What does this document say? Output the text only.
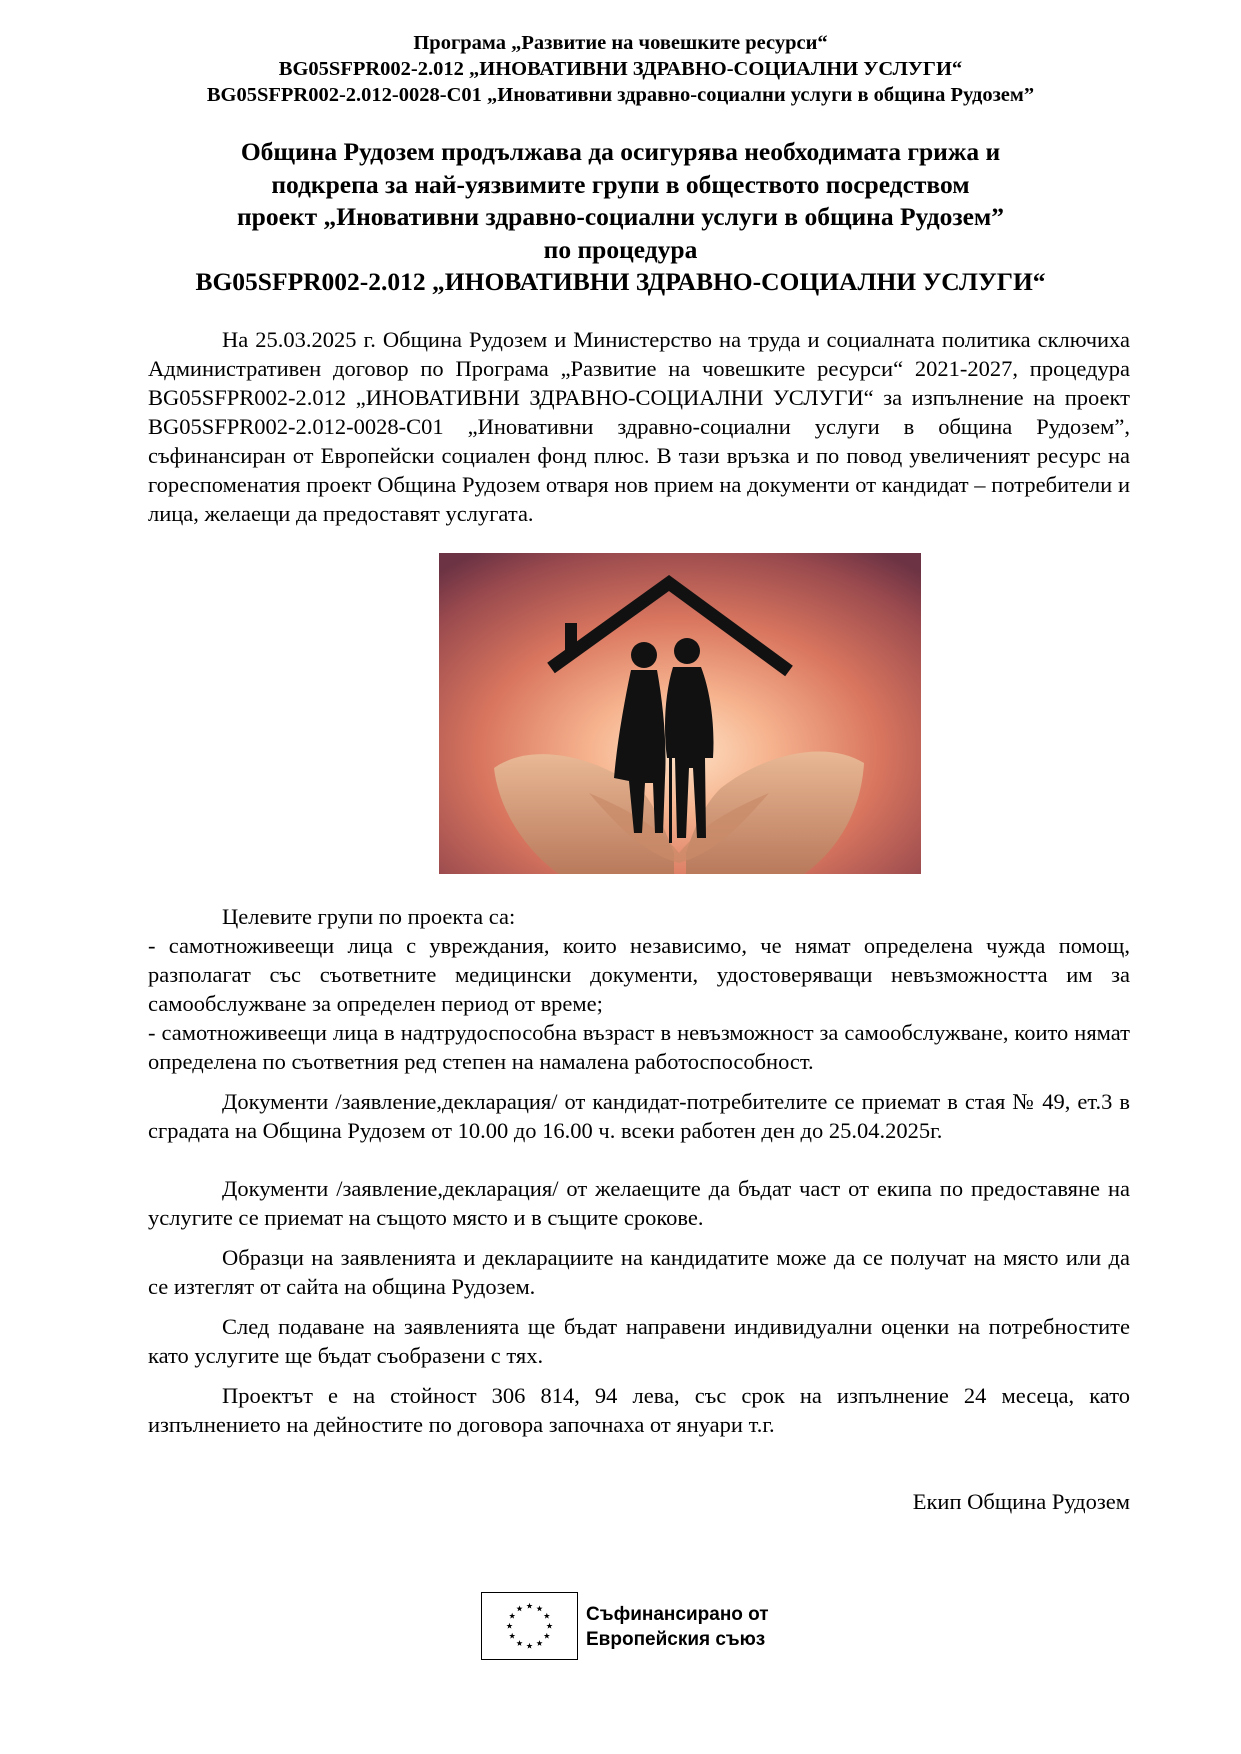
Програма „Развитие на човешките ресурси“
BG05SFPR002-2.012 „ИНОВАТИВНИ ЗДРАВНО-СОЦИАЛНИ УСЛУГИ“
BG05SFPR002-2.012-0028-С01 „Иновативни здравно-социални услуги в община Рудозем”
Община Рудозем продължава да осигурява необходимата грижа и
подкрепа за най-уязвимите групи в обществото посредством
проект „Иновативни здравно-социални услуги в община Рудозем”
по процедура
BG05SFPR002-2.012 „ИНОВАТИВНИ ЗДРАВНО-СОЦИАЛНИ УСЛУГИ“

На 25.03.2025 г. Община Рудозем и Министерство на труда и социалната политика сключиха Административен договор по Програма „Развитие на човешките ресурси“ 2021-2027, процедура BG05SFPR002-2.012 „ИНОВАТИВНИ ЗДРАВНО-СОЦИАЛНИ УСЛУГИ“ за изпълнение на проект BG05SFPR002-2.012-0028-С01 „Иновативни здравно-социални услуги в община Рудозем”, съфинансиран от Европейски социален фонд плюс. В тази връзка и по повод увеличеният ресурс на гореспоменатия проект Община Рудозем отваря нов прием на документи от кандидат – потребители и лица, желаещи да предоставят услугата.

Целевите групи по проекта са:

- самотноживеещи лица с увреждания, които независимо, че нямат определена чужда помощ, разполагат със съответните медицински документи, удостоверяващи невъзможността им за самообслужване за определен период от време;

- самотноживеещи лица в надтрудоспособна възраст в невъзможност за самообслужване, които нямат определена по съответния ред степен на намалена работоспособност.

Документи /заявление,декларация/ от кандидат-потребителите се приемат в стая № 49, ет.3 в сградата на Община Рудозем от 10.00 до 16.00 ч. всеки работен ден до 25.04.2025г.

Документи /заявление,декларация/ от желаещите да бъдат част от екипа по предоставяне на услугите се приемат на същото място и в същите срокове.

Образци на заявленията и декларациите на кандидатите може да се получат на място или да се изтеглят от сайта на община Рудозем.

След подаване на заявленията ще бъдат направени индивидуални оценки на потребностите като услугите ще бъдат съобразени с тях.

Проектът е на стойност 306 814, 94 лева, със срок на изпълнение 24 месеца, като изпълнението на дейностите по договора започнаха от януари т.г.

Екип Община Рудозем
Съфинансирано от
Европейския съюз
